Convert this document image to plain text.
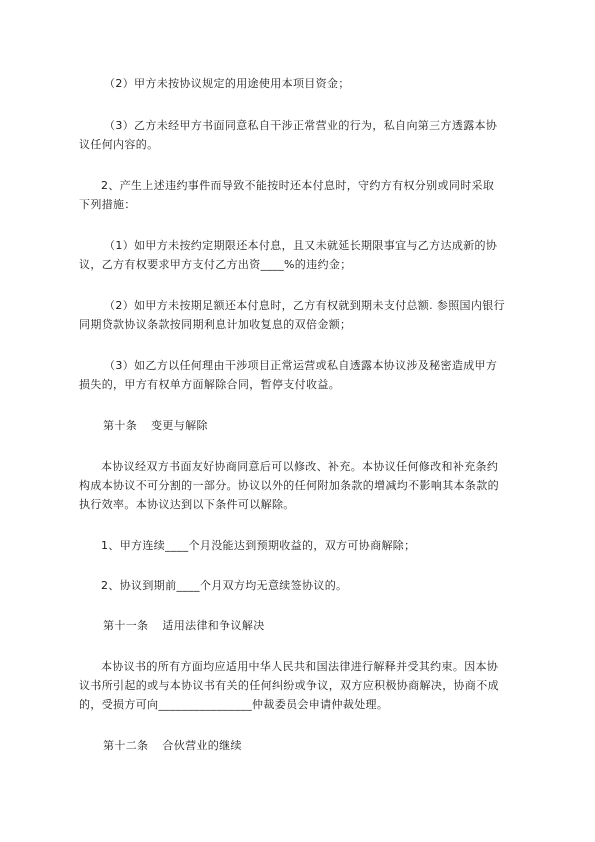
（2）甲方未按协议规定的用途使用本项目资金；
（3）乙方未经甲方书面同意私自干涉正常营业的行为，私自向第三方透露本协
议任何内容的。
2、产生上述违约事件而导致不能按时还本付息时，守约方有权分别或同时采取
下列措施：
（1）如甲方未按约定期限还本付息，且又未就延长期限事宜与乙方达成新的协
议，乙方有权要求甲方支付乙方出资____%的违约金；
（2）如甲方未按期足额还本付息时，乙方有权就到期未支付总额. 参照国内银行
同期贷款协议条款按同期利息计加收复息的双倍金额；
（3）如乙方以任何理由干涉项目正常运营或私自透露本协议涉及秘密造成甲方
损失的，甲方有权单方面解除合同，暂停支付收益。
第十条 变更与解除
本协议经双方书面友好协商同意后可以修改、补充。本协议任何修改和补充条约
构成本协议不可分割的一部分。协议以外的任何附加条款的增减均不影响其本条款的
执行效率。本协议达到以下条件可以解除。
1、甲方连续____个月没能达到预期收益的，双方可协商解除；
2、协议到期前____个月双方均无意续签协议的。
第十一条 适用法律和争议解决
本协议书的所有方面均应适用中华人民共和国法律进行解释并受其约束。因本协
议书所引起的或与本协议书有关的任何纠纷或争议，双方应积极协商解决，协商不成
的，受损方可向________________仲裁委员会申请仲裁处理。
第十二条 合伙营业的继续
